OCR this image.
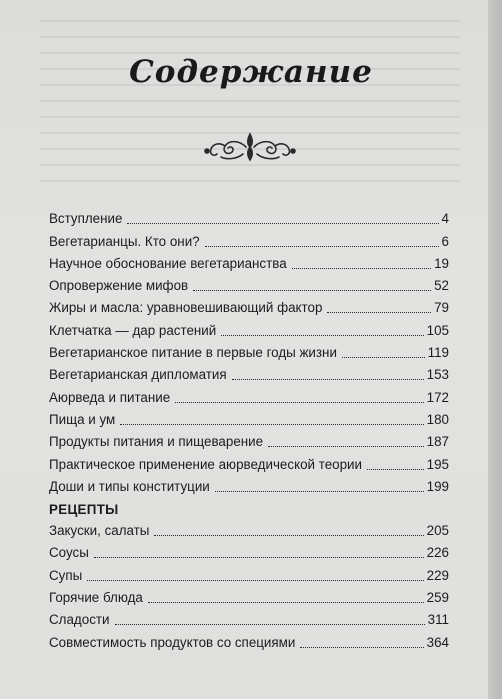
Содержание
Вступление	4
Вегетарианцы. Кто они?	6
Научное обоснование вегетарианства	19
Опровержение мифов	52
Жиры и масла: уравновешивающий фактор	79
Клетчатка — дар растений	105
Вегетарианское питание в первые годы жизни	119
Вегетарианская дипломатия	153
Аюрведа и питание	172
Пища и ум	180
Продукты питания и пищеварение	187
Практическое применение аюрведической теории	195
Доши и типы конституции	199
РЕЦЕПТЫ
Закуски, салаты	205
Соусы	226
Супы	229
Горячие блюда	259
Сладости	311
Совместимость продуктов со специями	364
